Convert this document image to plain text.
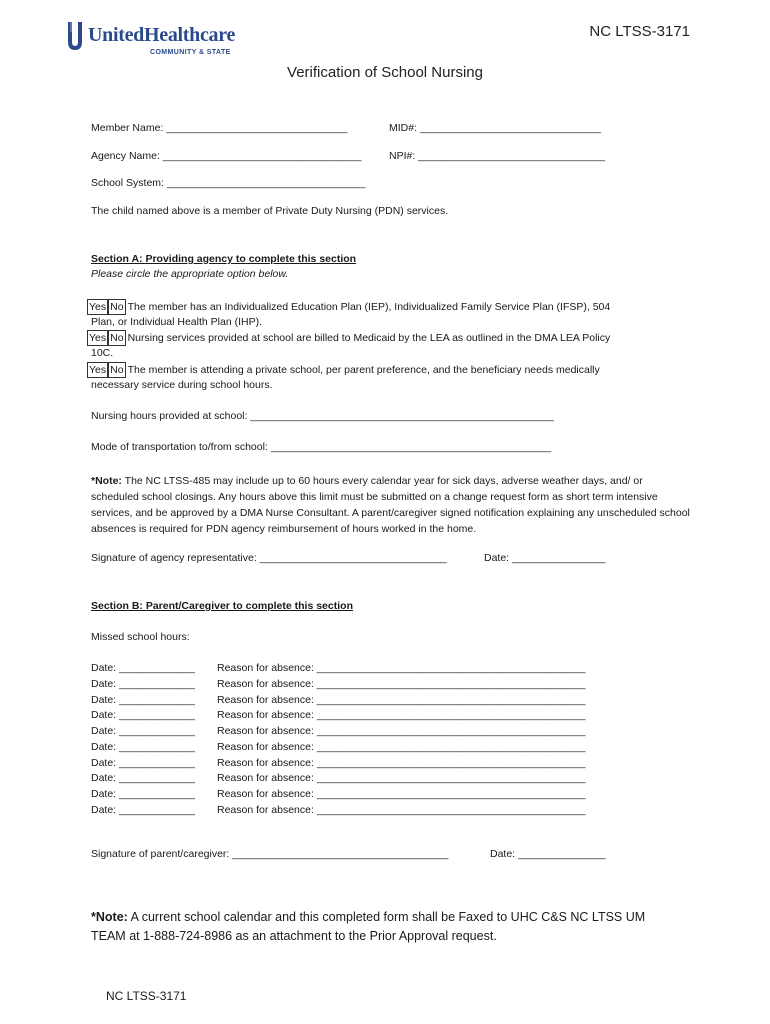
UnitedHealthcare
COMMUNITY & STATE
NC LTSS-3171
Verification of School Nursing
Member Name: _______________________________	MID#: _______________________________
Agency Name: __________________________________	NPI#: ________________________________
School System: __________________________________
The child named above is a member of Private Duty Nursing (PDN) services.
Section A: Providing agency to complete this section
Please circle the appropriate option below.
Yes No The member has an Individualized Education Plan (IEP), Individualized Family Service Plan (IFSP), 504
Plan, or Individual Health Plan (IHP).
Yes No Nursing services provided at school are billed to Medicaid by the LEA as outlined in the DMA LEA Policy
10C.
Yes No The member is attending a private school, per parent preference, and the beneficiary needs medically
necessary service during school hours.
Nursing hours provided at school: ____________________________________________________
Mode of transportation to/from school: ________________________________________________
*Note: The NC LTSS-485 may include up to 60 hours every calendar year for sick days, adverse weather days, and/ or scheduled school closings. Any hours above this limit must be submitted on a change request form as short term intensive services, and be approved by a DMA Nurse Consultant. A parent/caregiver signed notification explaining any unscheduled school absences is required for PDN agency reimbursement of hours worked in the home.
Signature of agency representative: ________________________________	Date: ________________
Section B: Parent/Caregiver to complete this section
Missed school hours:
Date: _____________ Reason for absence: ______________________________________________
Date: _____________ Reason for absence: ______________________________________________
Date: _____________ Reason for absence: ______________________________________________
Date: _____________ Reason for absence: ______________________________________________
Date: _____________ Reason for absence: ______________________________________________
Date: _____________ Reason for absence: ______________________________________________
Date: _____________ Reason for absence: ______________________________________________
Date: _____________ Reason for absence: ______________________________________________
Date: _____________ Reason for absence: ______________________________________________
Date: _____________ Reason for absence: ______________________________________________
Signature of parent/caregiver: _____________________________________	Date: _______________
*Note: A current school calendar and this completed form shall be Faxed to UHC C&S NC LTSS UM TEAM at 1-888-724-8986 as an attachment to the Prior Approval request.
NC LTSS-3171
